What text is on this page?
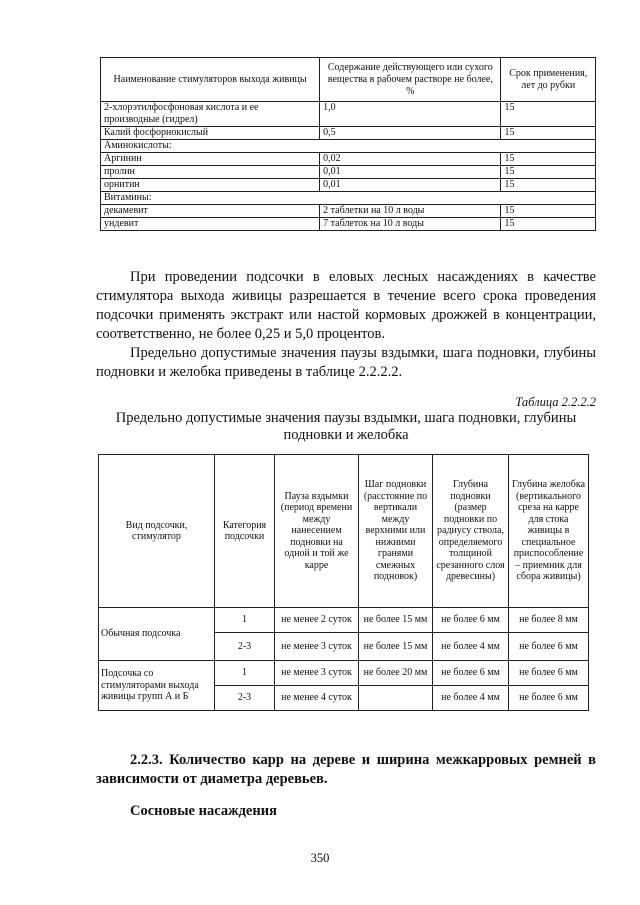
Наименование стимуляторов выхода живицы	Содержание действующего или сухого вещества в рабочем растворе не более, %	Срок применения, лет до рубки
2-хлорэтилфосфоновая кислота и ее производные (гидрел)	1,0	15
Калий фосфорнокислый	0,5	15
Аминокислоты:		
Аргинин	0,02	15
пролин	0,01	15
орнитин	0,01	15
Витамины:		
декамевит	2 таблетки на 10 л воды	15
ундевит	7 таблеток на 10 л воды	15

При проведении подсочки в еловых лесных насаждениях в качестве стимулятора выхода живицы разрешается в течение всего срока проведения подсочки применять экстракт или настой кормовых дрожжей в концентрации, соответственно, не более 0,25 и 5,0 процентов.

Предельно допустимые значения паузы вздымки, шага подновки, глубины подновки и желобка приведены в таблице 2.2.2.2.

Таблица 2.2.2.2
Предельно допустимые значения паузы вздымки, шага подновки, глубины подновки и желобка
Вид подсочки, стимулятор	Категория подсочки	Пауза вздымки (период времени между нанесением подновки на одной и той же карре	Шаг подновки (расстояние по вертикали между верхними или нижними гранями смежных подновок)	Глубина подновки (размер подновки по радиусу ствола, определяемого толщиной срезанного слоя древесины)	Глубина желобка (вертикального среза на карре для стока живицы в специальное приспособление – приемник для сбора живицы)
Обычная подсочка	1	не менее 2 суток	не более 15 мм	не более 6 мм	не более 8 мм
	2-3	не менее 3 суток	не более 15 мм	не более 4 мм	не более 6 мм
Подсочка со стимуляторами выхода живицы групп А и Б	1	не менее 3 суток	не более 20 мм	не более 6 мм	не более 6 мм
	2-3	не менее 4 суток		не более 4 мм	не более 6 мм

2.2.3. Количество карр на дереве и ширина межкарровых ремней в зависимости от диаметра деревьев.

Сосновые насаждения
350
